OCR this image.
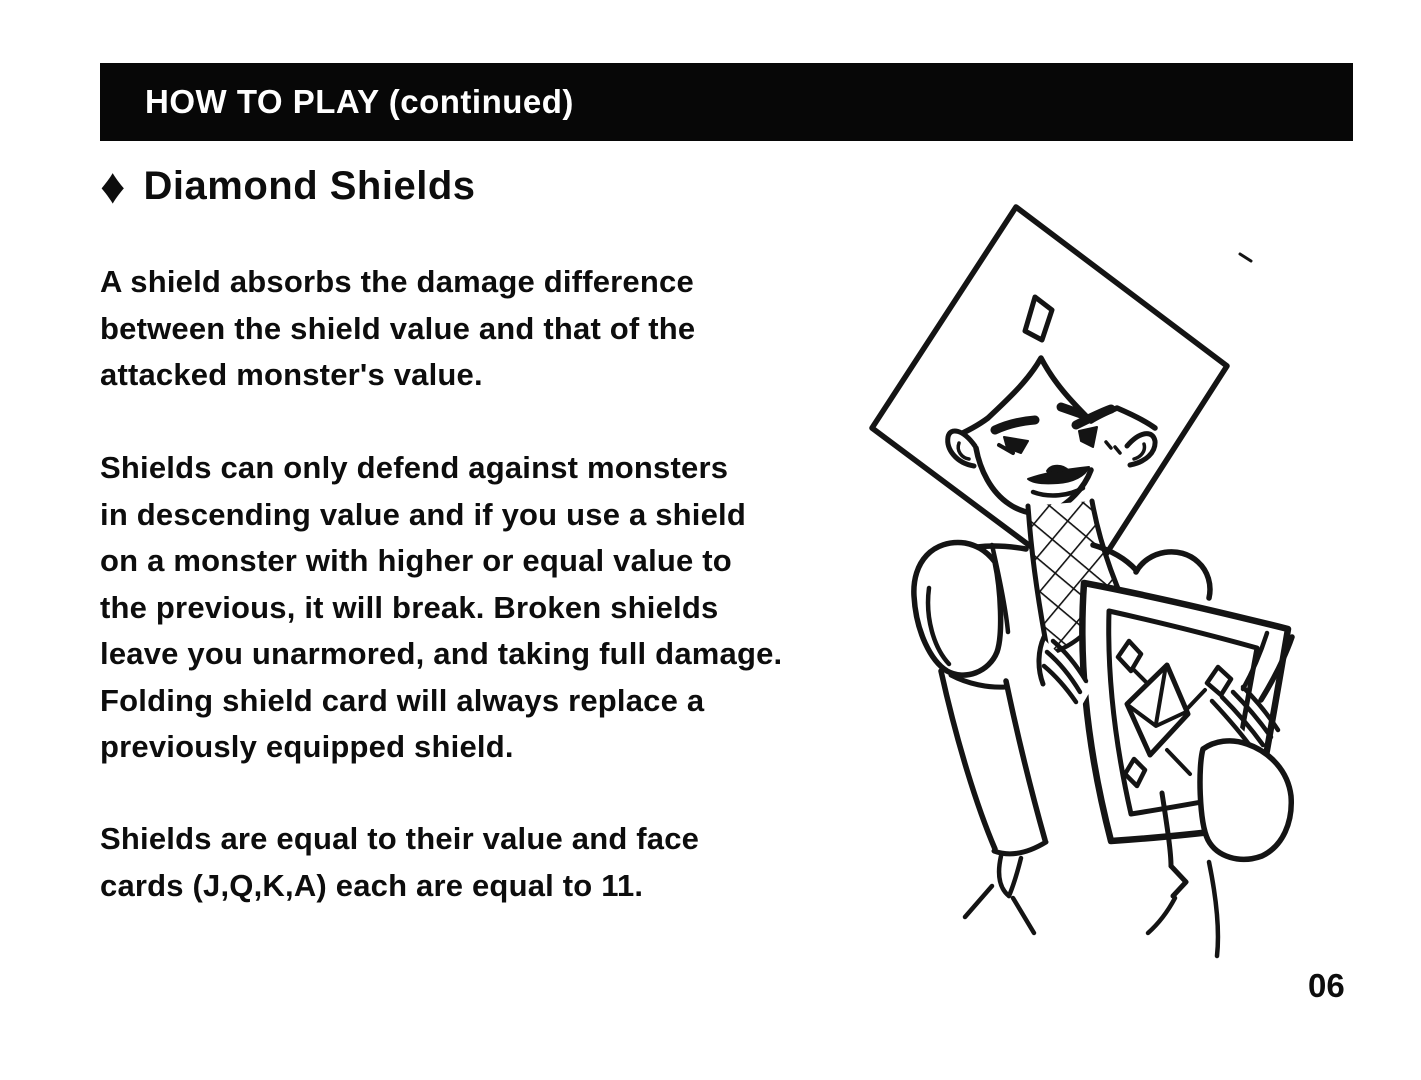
HOW TO PLAY (continued)
♦ Diamond Shields
A shield absorbs the damage difference
between the shield value and that of the
attacked monster's value.
Shields can only defend against monsters
in descending value and if you use a shield
on a monster with higher or equal value to
the previous, it will break. Broken shields
leave you unarmored, and taking full damage.
Folding shield card will always replace a
previously equipped shield.
Shields are equal to their value and face
cards (J,Q,K,A) each are equal to 11.
06
